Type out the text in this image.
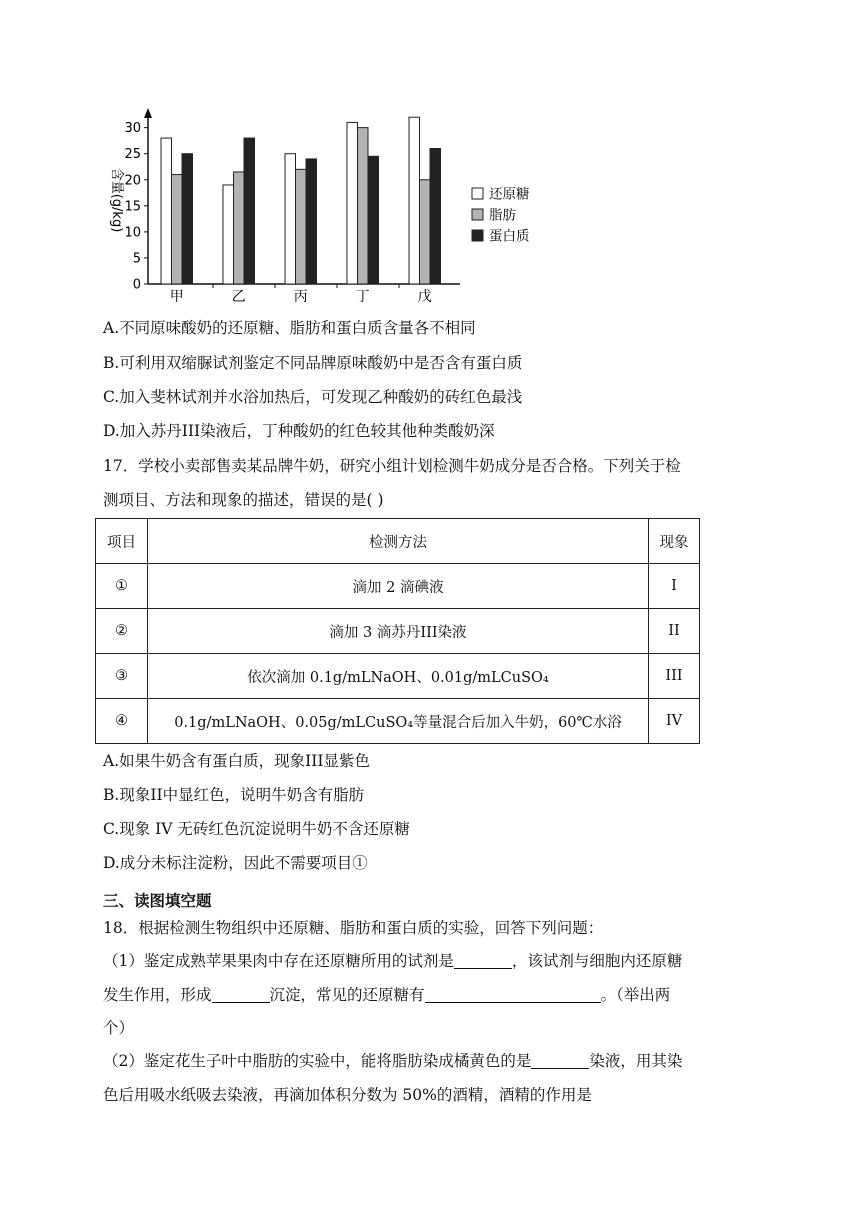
0
5
10
15
20
25
30
含量(g/kg)
甲	乙	丙	丁	戊
还原糖
脂肪
蛋白质
A.不同原味酸奶的还原糖、脂肪和蛋白质含量各不相同
B.可利用双缩脲试剂鉴定不同品牌原味酸奶中是否含有蛋白质
C.加入斐林试剂并水浴加热后，可发现乙种酸奶的砖红色最浅
D.加入苏丹III染液后，丁种酸奶的红色较其他种类酸奶深
17．学校小卖部售卖某品牌牛奶，研究小组计划检测牛奶成分是否合格。下列关于检
测项目、方法和现象的描述，错误的是( )
项目	检测方法	现象
①	滴加 2 滴碘液	I
②	滴加 3 滴苏丹III染液	II
③	依次滴加 0.1g/mLNaOH、0.01g/mLCuSO₄	III
④	0.1g/mLNaOH、0.05g/mLCuSO₄等量混合后加入牛奶，60℃水浴	IV
A.如果牛奶含有蛋白质，现象III显紫色
B.现象II中显红色，说明牛奶含有脂肪
C.现象 IV 无砖红色沉淀说明牛奶不含还原糖
D.成分未标注淀粉，因此不需要项目①
三、读图填空题
18．根据检测生物组织中还原糖、脂肪和蛋白质的实验，回答下列问题：
（1）鉴定成熟苹果果肉中存在还原糖所用的试剂是	，该试剂与细胞内还原糖
发生作用，形成	沉淀，常见的还原糖有	。（举出两
个）
（2）鉴定花生子叶中脂肪的实验中，能将脂肪染成橘黄色的是	染液，用其染
色后用吸水纸吸去染液，再滴加体积分数为 50%的酒精，酒精的作用是
